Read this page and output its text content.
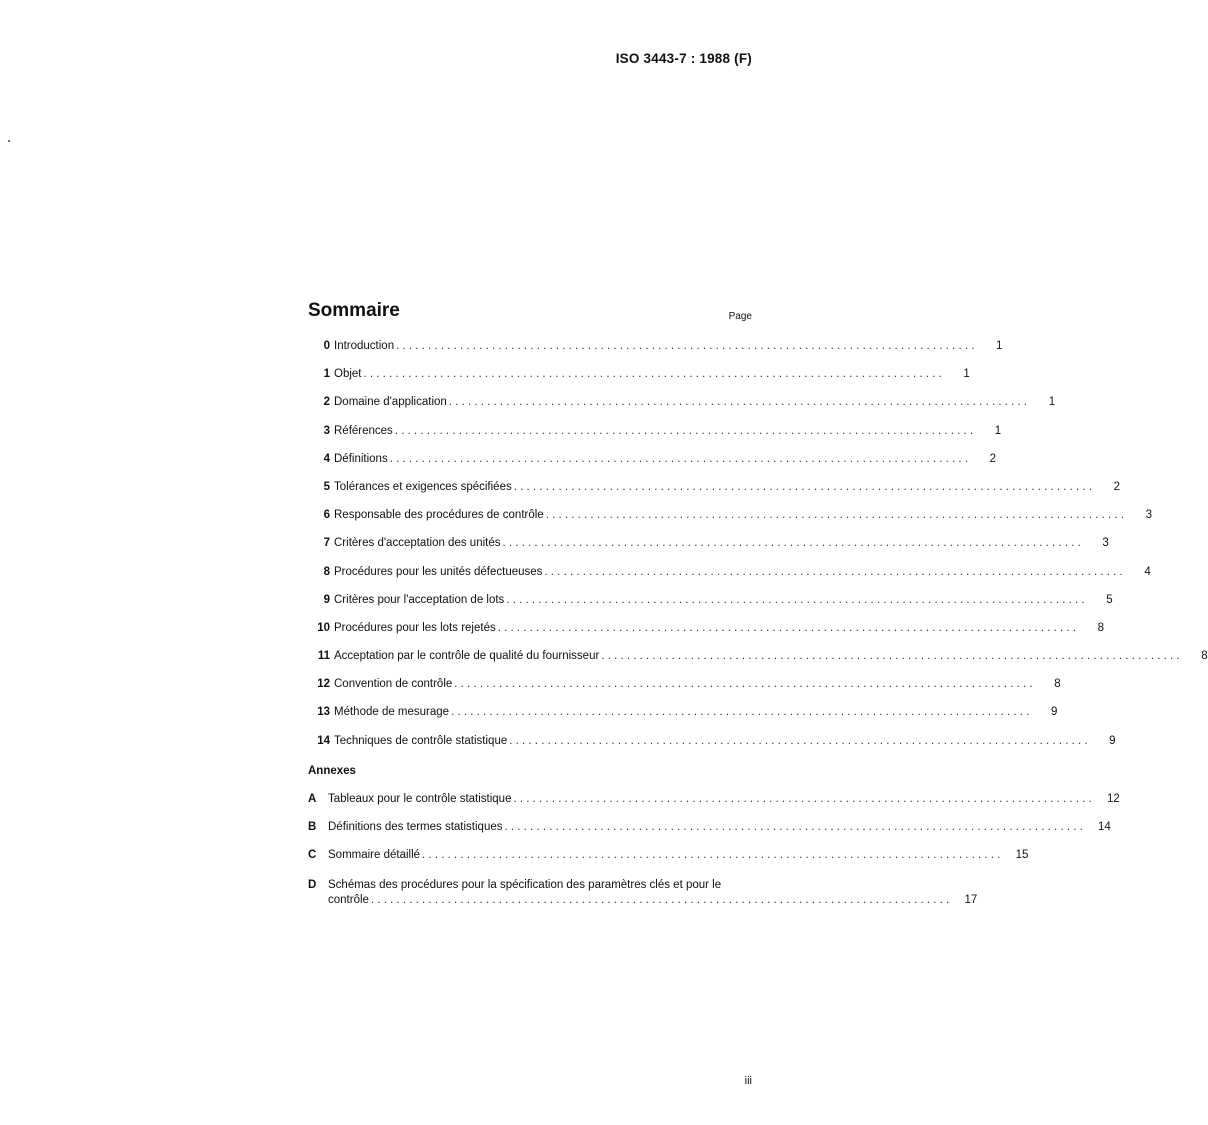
ISO 3443-7 : 1988 (F)
Sommaire	Page
0 Introduction . . .	1
1 Objet . . .	1
2 Domaine d'application . . .	1
3 Références . . .	1
4 Définitions . . .	2
5 Tolérances et exigences spécifiées . . .	2
6 Responsable des procédures de contrôle . . .	3
7 Critères d'acceptation des unités . . .	3
8 Procédures pour les unités défectueuses . . .	4
9 Critères pour l'acceptation de lots . . .	5
10 Procédures pour les lots rejetés . . .	8
11 Acceptation par le contrôle de qualité du fournisseur . . .	8
12 Convention de contrôle . . .	8
13 Méthode de mesurage . . .	9
14 Techniques de contrôle statistique . . .	9
Annexes
A	Tableaux pour le contrôle statistique . . .	12
B	Définitions des termes statistiques . . .	14
C	Sommaire détaillé . . .	15
D	Schémas des procédures pour la spécification des paramètres clés et pour le
contrôle . . .	17
iii
